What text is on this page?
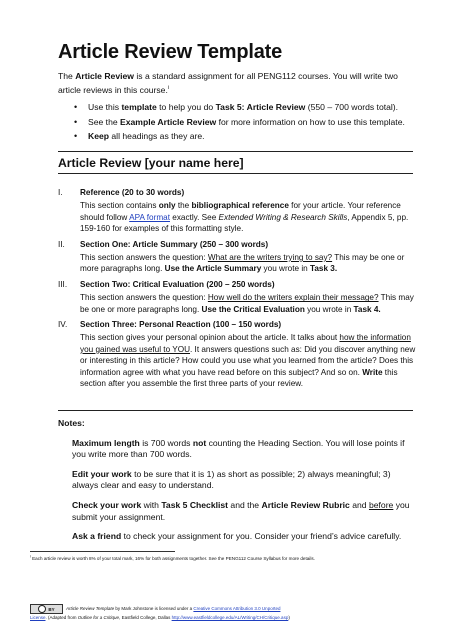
Article Review Template

The Article Review is a standard assignment for all PENG112 courses. You will write two article reviews in this course.$^i$

• Use this template to help you do Task 5: Article Review (550 – 700 words total).
• See the Example Article Review for more information on how to use this template.
• Keep all headings as they are.
Article Review [your name here]
I. Reference (20 to 30 words)

This section contains only the bibliographical reference for your article. Your reference should follow APA format exactly. See Extended Writing & Research Skills, Appendix 5, pp. 159-160 for examples of this formatting style.

II. Section One: Article Summary (250 – 300 words)

This section answers the question: What are the writers trying to say? This may be one or more paragraphs long. Use the Article Summary you wrote in Task 3.

III. Section Two: Critical Evaluation (200 – 250 words)

This section answers the question: How well do the writers explain their message? This may be one or more paragraphs long. Use the Critical Evaluation you wrote in Task 4.

IV. Section Three: Personal Reaction (100 – 150 words)

This section gives your personal opinion about the article. It talks about how the information you gained was useful to YOU. It answers questions such as: Did you discover anything new or interesting in this article? How could you use what you learned from the article? Does this information agree with what you have read before on this subject? And so on. Write this section after you assemble the first three parts of your review.

Notes:

Maximum length is 700 words not counting the Heading Section. You will lose points if you write more than 700 words.

Edit your work to be sure that it is 1) as short as possible; 2) always meaningful; 3) always clear and easy to understand.

Check your work with Task 5 Checklist and the Article Review Rubric and before you submit your assignment.

Ask a friend to check your assignment for you. Consider your friend’s advice carefully.

$^i$ Each article review is worth 8% of your total mark, 16% for both assignments together. See the PENG112 Course Syllabus for more details.

BY	Article Review Template by Mark Johnstone is licensed under a Creative Commons Attribution 3.0 Unported

License. (Adapted from Outline for a Critique, Eastfield College, Dallas http://www.eastfieldcollege.edu/AL/Writing/CH/Critique.asp)
